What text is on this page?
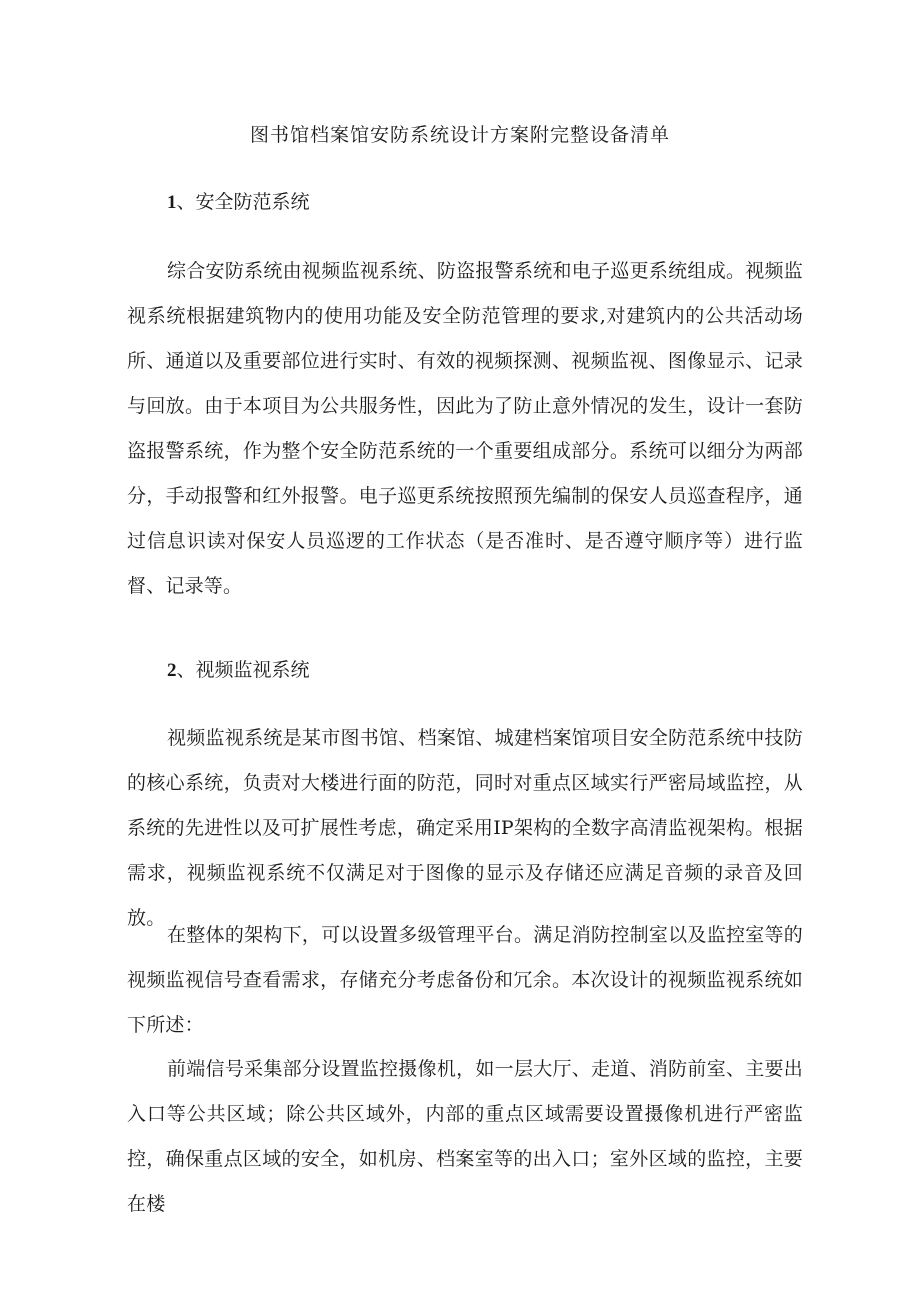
图书馆档案馆安防系统设计方案附完整设备清单
1、安全防范系统

综合安防系统由视频监视系统、防盗报警系统和电子巡更系统组成。视频监视系统根据建筑物内的使用功能及安全防范管理的要求,对建筑内的公共活动场所、通道以及重要部位进行实时、有效的视频探测、视频监视、图像显示、记录与回放。由于本项目为公共服务性，因此为了防止意外情况的发生，设计一套防盗报警系统，作为整个安全防范系统的一个重要组成部分。系统可以细分为两部分，手动报警和红外报警。电子巡更系统按照预先编制的保安人员巡查程序，通过信息识读对保安人员巡逻的工作状态（是否准时、是否遵守顺序等）进行监督、记录等。

2、视频监视系统

视频监视系统是某市图书馆、档案馆、城建档案馆项目安全防范系统中技防的核心系统，负责对大楼进行面的防范，同时对重点区域实行严密局域监控，从系统的先进性以及可扩展性考虑，确定采用IP架构的全数字高清监视架构。根据需求，视频监视系统不仅满足对于图像的显示及存储还应满足音频的录音及回放。

在整体的架构下，可以设置多级管理平台。满足消防控制室以及监控室等的视频监视信号查看需求，存储充分考虑备份和冗余。本次设计的视频监视系统如下所述：

前端信号采集部分设置监控摄像机，如一层大厅、走道、消防前室、主要出入口等公共区域；除公共区域外，内部的重点区域需要设置摄像机进行严密监控，确保重点区域的安全，如机房、档案室等的出入口；室外区域的监控，主要在楼
